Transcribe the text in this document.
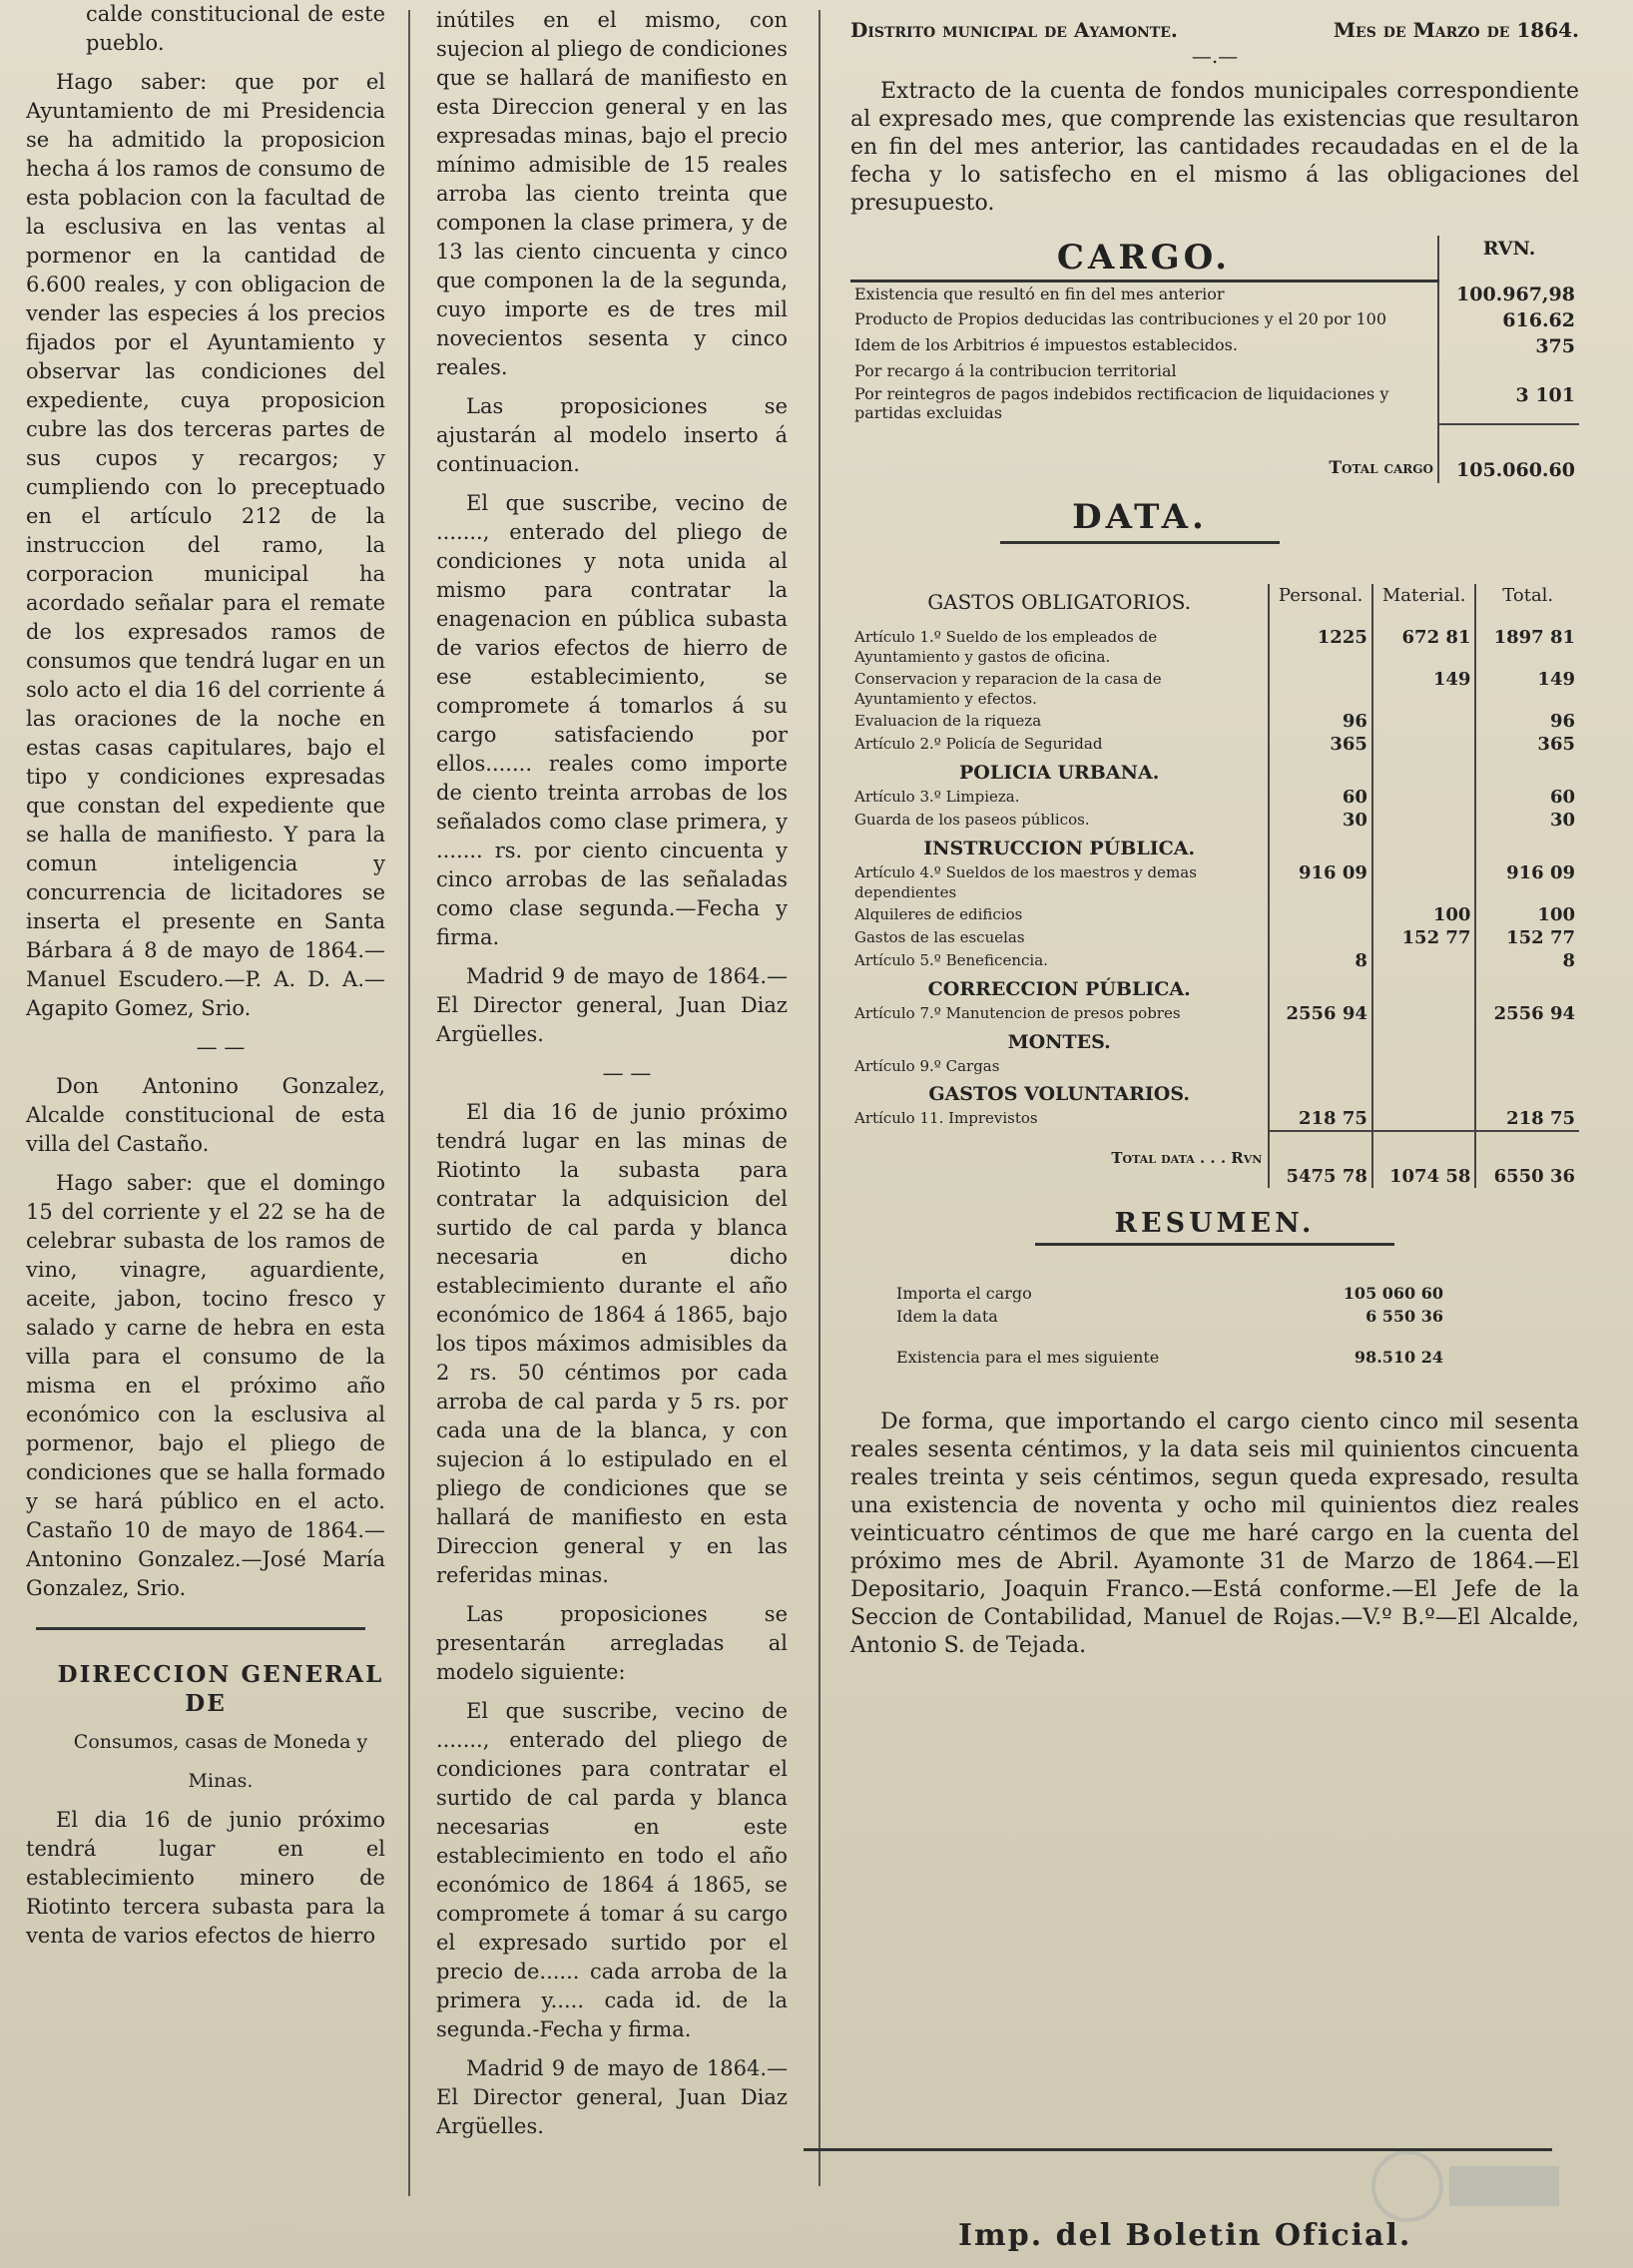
calde constitucional de este pueblo.

Hago saber: que por el Ayuntamiento de mi Presidencia se ha admitido la proposicion hecha á los ramos de consumo de esta poblacion con la facultad de la esclusiva en las ventas al pormenor en la cantidad de 6.600 reales, y con obligacion de vender las especies á los precios fijados por el Ayuntamiento y observar las condiciones del expediente, cuya proposicion cubre las dos terceras partes de sus cupos y recargos; y cumpliendo con lo preceptuado en el artículo 212 de la instruccion del ramo, la corporacion municipal ha acordado señalar para el remate de los expresados ramos de consumos que tendrá lugar en un solo acto el dia 16 del corriente á las oraciones de la noche en estas casas capitulares, bajo el tipo y condiciones expresadas que constan del expediente que se halla de manifiesto. Y para la comun inteligencia y concurrencia de licitadores se inserta el presente en Santa Bárbara á 8 de mayo de 1864.—Manuel Escudero.—P. A. D. A.—Agapito Gomez, Srio.

— —

Don Antonino Gonzalez, Alcalde constitucional de esta villa del Castaño.

Hago saber: que el domingo 15 del corriente y el 22 se ha de celebrar subasta de los ramos de vino, vinagre, aguardiente, aceite, jabon, tocino fresco y salado y carne de hebra en esta villa para el consumo de la misma en el próximo año económico con la esclusiva al pormenor, bajo el pliego de condiciones que se halla formado y se hará público en el acto. Castaño 10 de mayo de 1864.—Antonino Gonzalez.—José María Gonzalez, Srio.

DIRECCION GENERAL DE

Consumos, casas de Moneda y

Minas.

El dia 16 de junio próximo tendrá lugar en el establecimiento minero de Riotinto tercera subasta para la venta de varios efectos de hierro

inútiles en el mismo, con sujecion al pliego de condiciones que se hallará de manifiesto en esta Direccion general y en las expresadas minas, bajo el precio mínimo admisible de 15 reales arroba las ciento treinta que componen la clase primera, y de 13 las ciento cincuenta y cinco que componen la de la segunda, cuyo importe es de tres mil novecientos sesenta y cinco reales.

Las proposiciones se ajustarán al modelo inserto á continuacion.

El que suscribe, vecino de ......., enterado del pliego de condiciones y nota unida al mismo para contratar la enagenacion en pública subasta de varios efectos de hierro de ese establecimiento, se compromete á tomarlos á su cargo satisfaciendo por ellos....... reales como importe de ciento treinta arrobas de los señalados como clase primera, y ....... rs. por ciento cincuenta y cinco arrobas de las señaladas como clase segunda.—Fecha y firma.

Madrid 9 de mayo de 1864.—El Director general, Juan Diaz Argüelles.

— —

El dia 16 de junio próximo tendrá lugar en las minas de Riotinto la subasta para contratar la adquisicion del surtido de cal parda y blanca necesaria en dicho establecimiento durante el año económico de 1864 á 1865, bajo los tipos máximos admisibles da 2 rs. 50 céntimos por cada arroba de cal parda y 5 rs. por cada una de la blanca, y con sujecion á lo estipulado en el pliego de condiciones que se hallará de manifiesto en esta Direccion general y en las referidas minas.

Las proposiciones se presentarán arregladas al modelo siguiente:

El que suscribe, vecino de ......., enterado del pliego de condiciones para contratar el surtido de cal parda y blanca necesarias en este establecimiento en todo el año económico de 1864 á 1865, se compromete á tomar á su cargo el expresado surtido por el precio de...... cada arroba de la primera y..... cada id. de la segunda.-Fecha y firma.

Madrid 9 de mayo de 1864.—El Director general, Juan Diaz Argüelles.

Distrito municipal de Ayamonte.	Mes de Marzo de 1864.
—.—

Extracto de la cuenta de fondos municipales correspondiente al expresado mes, que comprende las existencias que resultaron en fin del mes anterior, las cantidades recaudadas en el de la fecha y lo satisfecho en el mismo á las obligaciones del presupuesto.

CARGO.	RVN.
Existencia que resultó en fin del mes anterior	100.967,98
Producto de Propios deducidas las contribuciones y el 20 por 100	616.62
Idem de los Arbitrios é impuestos establecidos.	375
Por recargo á la contribucion territorial	
Por reintegros de pagos indebidos rectificacion de liquidaciones y partidas excluidas	3 101
Total cargo	105.060.60
DATA.
GASTOS OBLIGATORIOS.	Personal.	Material.	Total.
Artículo 1.º Sueldo de los empleados de Ayuntamiento y gastos de oficina.	1225	672 81	1897 81
Conservacion y reparacion de la casa de Ayuntamiento y efectos.		149	149
Evaluacion de la riqueza	96		96
Artículo 2.º Policía de Seguridad	365		365
POLICIA URBANA.			
Artículo 3.º Limpieza.	60		60
Guarda de los paseos públicos.	30		30
INSTRUCCION PÚBLICA.			
Artículo 4.º Sueldos de los maestros y demas dependientes	916 09		916 09
Alquileres de edificios		100	100
Gastos de las escuelas		152 77	152 77
Artículo 5.º Beneficencia.	8		8
CORRECCION PÚBLICA.			
Artículo 7.º Manutencion de presos pobres	2556 94		2556 94
MONTES.			
Artículo 9.º Cargas			
GASTOS VOLUNTARIOS.			
Artículo 11. Imprevistos	218 75		218 75
Total data . . . Rvn	5475 78	1074 58	6550 36
RESUMEN.
Importa el cargo	105 060 60
Idem la data	6 550 36
Existencia para el mes siguiente	98.510 24

De forma, que importando el cargo ciento cinco mil sesenta reales sesenta céntimos, y la data seis mil quinientos cincuenta reales treinta y seis céntimos, segun queda expresado, resulta una existencia de noventa y ocho mil quinientos diez reales veinticuatro céntimos de que me haré cargo en la cuenta del próximo mes de Abril. Ayamonte 31 de Marzo de 1864.—El Depositario, Joaquin Franco.—Está conforme.—El Jefe de la Seccion de Contabilidad, Manuel de Rojas.—V.º B.º—El Alcalde, Antonio S. de Tejada.

Imp. del Boletin Oficial.
